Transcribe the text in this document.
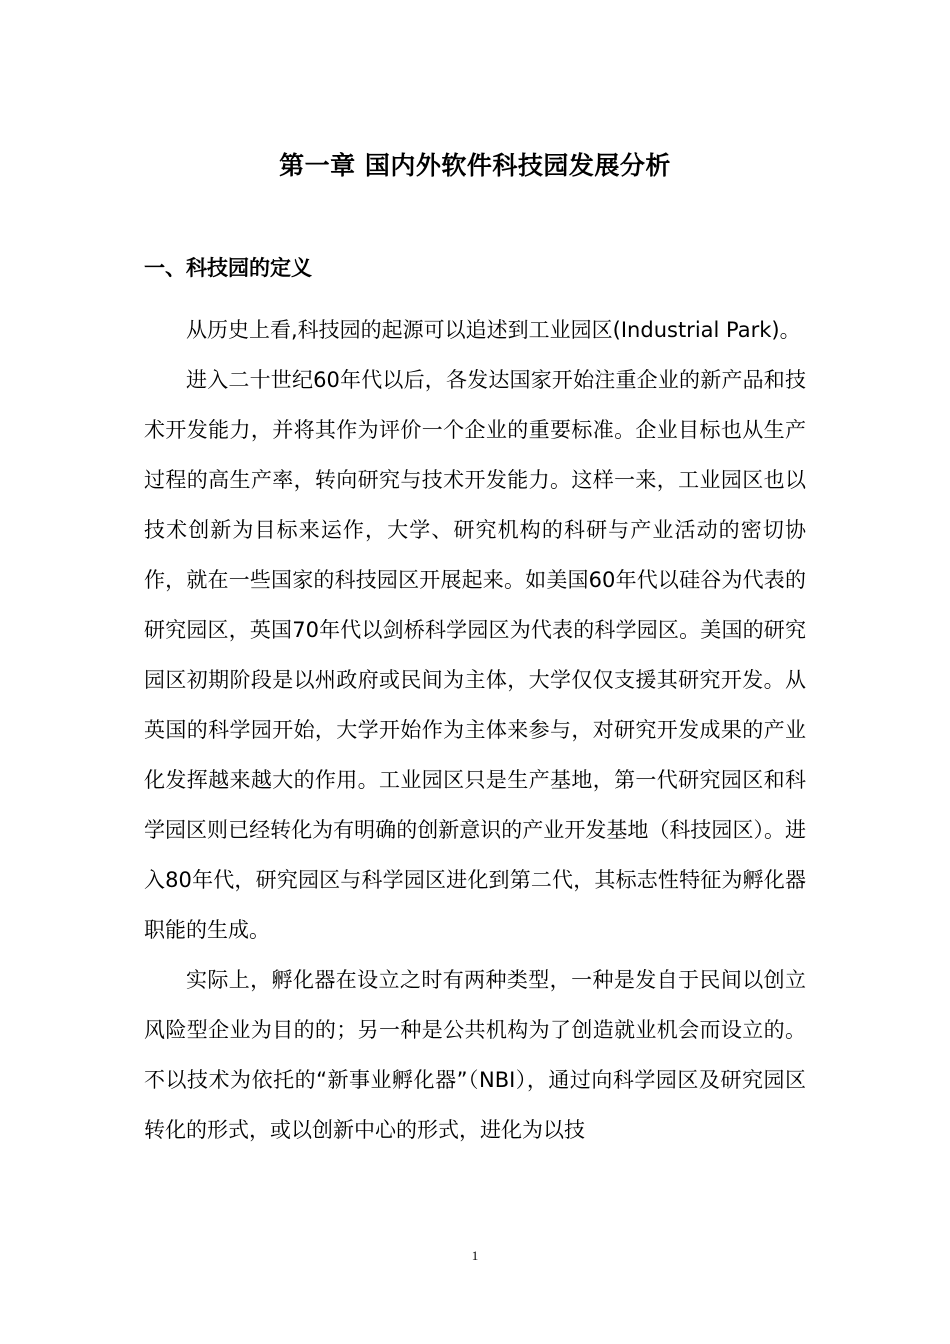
第一章 国内外软件科技园发展分析
一、科技园的定义

从历史上看,科技园的起源可以追述到工业园区(Industrial Park)。

进入二十世纪60年代以后，各发达国家开始注重企业的新产品和技术开发能力，并将其作为评价一个企业的重要标准。企业目标也从生产过程的高生产率，转向研究与技术开发能力。这样一来，工业园区也以技术创新为目标来运作，大学、研究机构的科研与产业活动的密切协作，就在一些国家的科技园区开展起来。如美国60年代以硅谷为代表的研究园区，英国70年代以剑桥科学园区为代表的科学园区。美国的研究园区初期阶段是以州政府或民间为主体，大学仅仅支援其研究开发。从英国的科学园开始，大学开始作为主体来参与，对研究开发成果的产业化发挥越来越大的作用。工业园区只是生产基地，第一代研究园区和科学园区则已经转化为有明确的创新意识的产业开发基地（科技园区）。进入80年代，研究园区与科学园区进化到第二代，其标志性特征为孵化器职能的生成。

实际上，孵化器在设立之时有两种类型，一种是发自于民间以创立风险型企业为目的的；另一种是公共机构为了创造就业机会而设立的。不以技术为依托的“新事业孵化器”（NBI），通过向科学园区及研究园区转化的形式，或以创新中心的形式，进化为以技

1
